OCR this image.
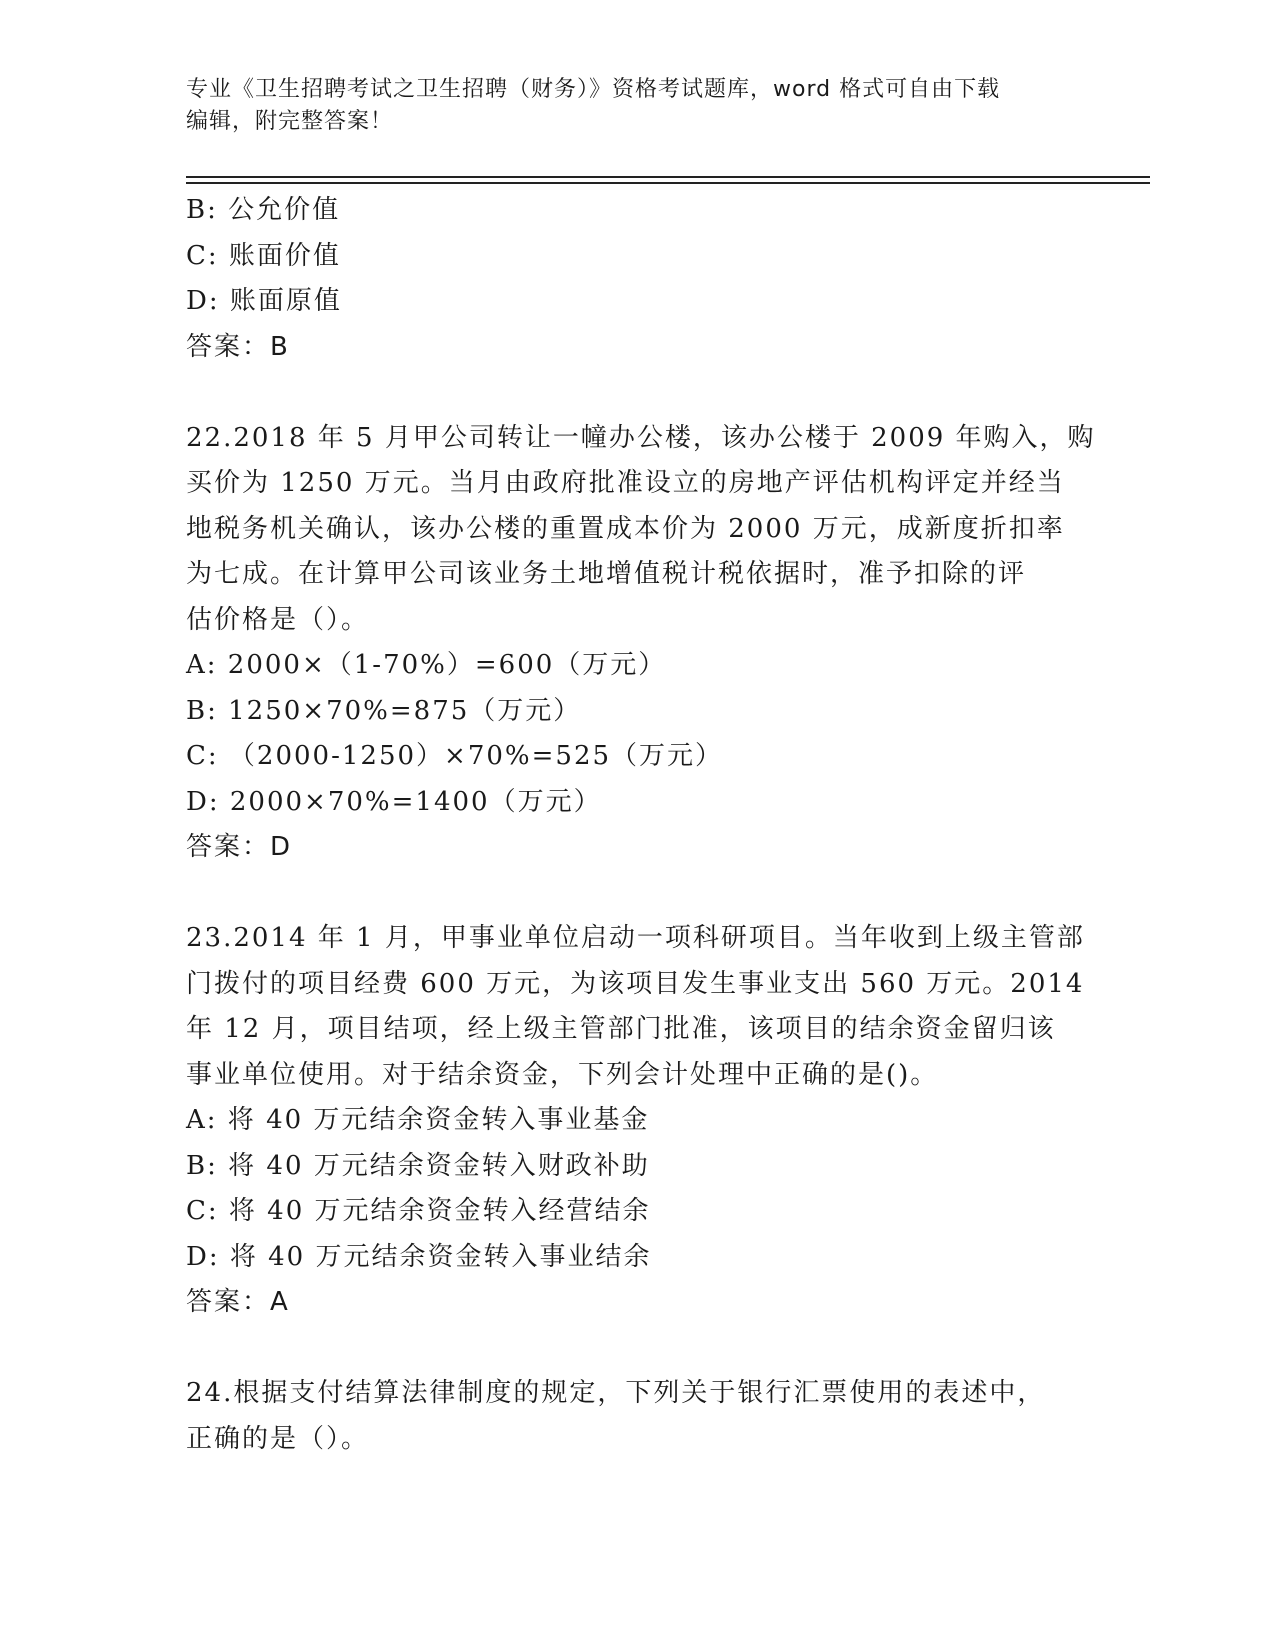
专业《卫生招聘考试之卫生招聘（财务）》资格考试题库，word 格式可自由下载
编辑，附完整答案！
B: 公允价值
C: 账面价值
D: 账面原值
答案：B
22.2018 年 5 月甲公司转让一幢办公楼，该办公楼于 2009 年购入，购
买价为 1250 万元。当月由政府批准设立的房地产评估机构评定并经当
地税务机关确认，该办公楼的重置成本价为 2000 万元，成新度折扣率
为七成。在计算甲公司该业务土地增值税计税依据时，准予扣除的评
估价格是（）。
A: 2000×（1-70%）=600（万元）
B: 1250×70%=875（万元）
C: （2000-1250）×70%=525（万元）
D: 2000×70%=1400（万元）
答案：D
23.2014 年 1 月，甲事业单位启动一项科研项目。当年收到上级主管部
门拨付的项目经费 600 万元，为该项目发生事业支出 560 万元。2014
年 12 月，项目结项，经上级主管部门批准，该项目的结余资金留归该
事业单位使用。对于结余资金，下列会计处理中正确的是()。
A: 将 40 万元结余资金转入事业基金
B: 将 40 万元结余资金转入财政补助
C: 将 40 万元结余资金转入经营结余
D: 将 40 万元结余资金转入事业结余
答案：A
24.根据支付结算法律制度的规定，下列关于银行汇票使用的表述中，
正确的是（）。
